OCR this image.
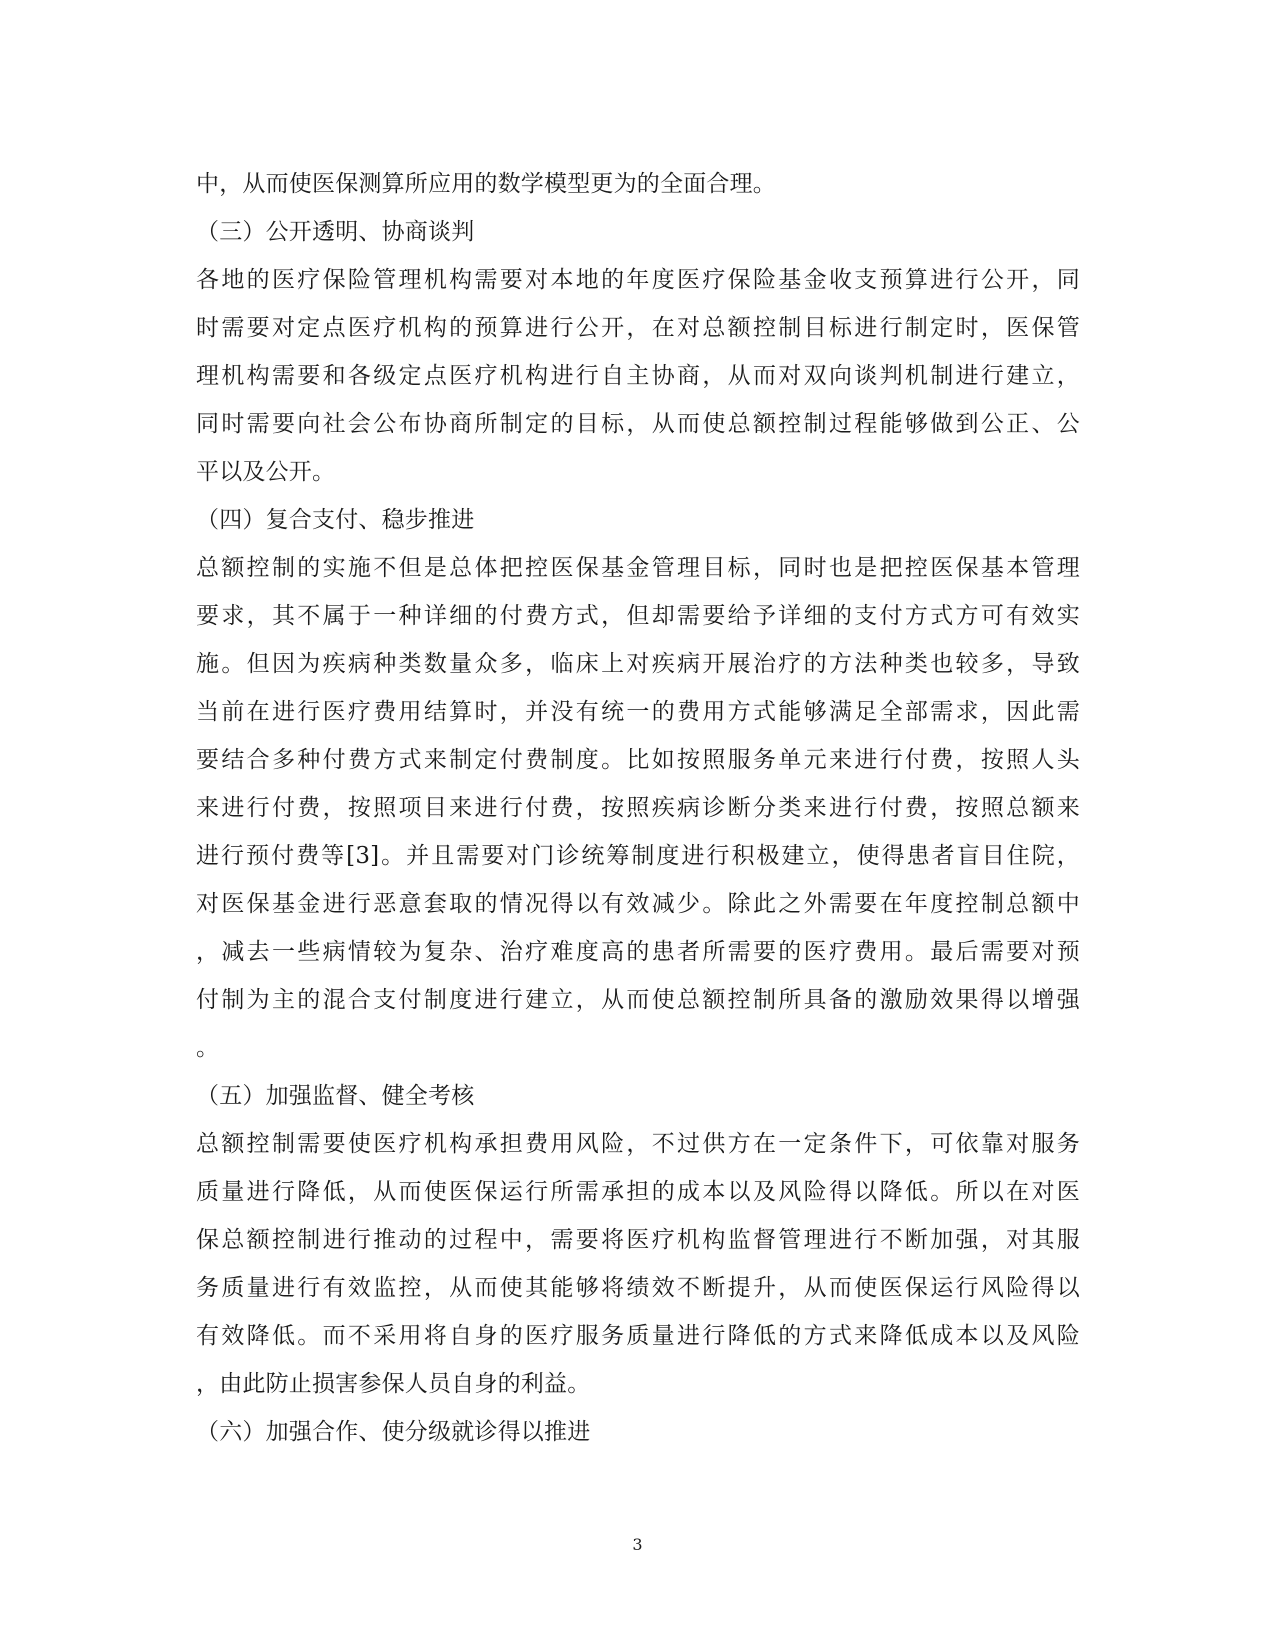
中，从而使医保测算所应用的数学模型更为的全面合理。
（三）公开透明、协商谈判
各地的医疗保险管理机构需要对本地的年度医疗保险基金收支预算进行公开，同
时需要对定点医疗机构的预算进行公开，在对总额控制目标进行制定时，医保管
理机构需要和各级定点医疗机构进行自主协商，从而对双向谈判机制进行建立，
同时需要向社会公布协商所制定的目标，从而使总额控制过程能够做到公正、公
平以及公开。
（四）复合支付、稳步推进
总额控制的实施不但是总体把控医保基金管理目标，同时也是把控医保基本管理
要求，其不属于一种详细的付费方式，但却需要给予详细的支付方式方可有效实
施。但因为疾病种类数量众多，临床上对疾病开展治疗的方法种类也较多，导致
当前在进行医疗费用结算时，并没有统一的费用方式能够满足全部需求，因此需
要结合多种付费方式来制定付费制度。比如按照服务单元来进行付费，按照人头
来进行付费，按照项目来进行付费，按照疾病诊断分类来进行付费，按照总额来
进行预付费等[3]。并且需要对门诊统筹制度进行积极建立，使得患者盲目住院，
对医保基金进行恶意套取的情况得以有效减少。除此之外需要在年度控制总额中
，减去一些病情较为复杂、治疗难度高的患者所需要的医疗费用。最后需要对预
付制为主的混合支付制度进行建立，从而使总额控制所具备的激励效果得以增强
。
（五）加强监督、健全考核
总额控制需要使医疗机构承担费用风险，不过供方在一定条件下，可依靠对服务
质量进行降低，从而使医保运行所需承担的成本以及风险得以降低。所以在对医
保总额控制进行推动的过程中，需要将医疗机构监督管理进行不断加强，对其服
务质量进行有效监控，从而使其能够将绩效不断提升，从而使医保运行风险得以
有效降低。而不采用将自身的医疗服务质量进行降低的方式来降低成本以及风险
，由此防止损害参保人员自身的利益。
（六）加强合作、使分级就诊得以推进
3
